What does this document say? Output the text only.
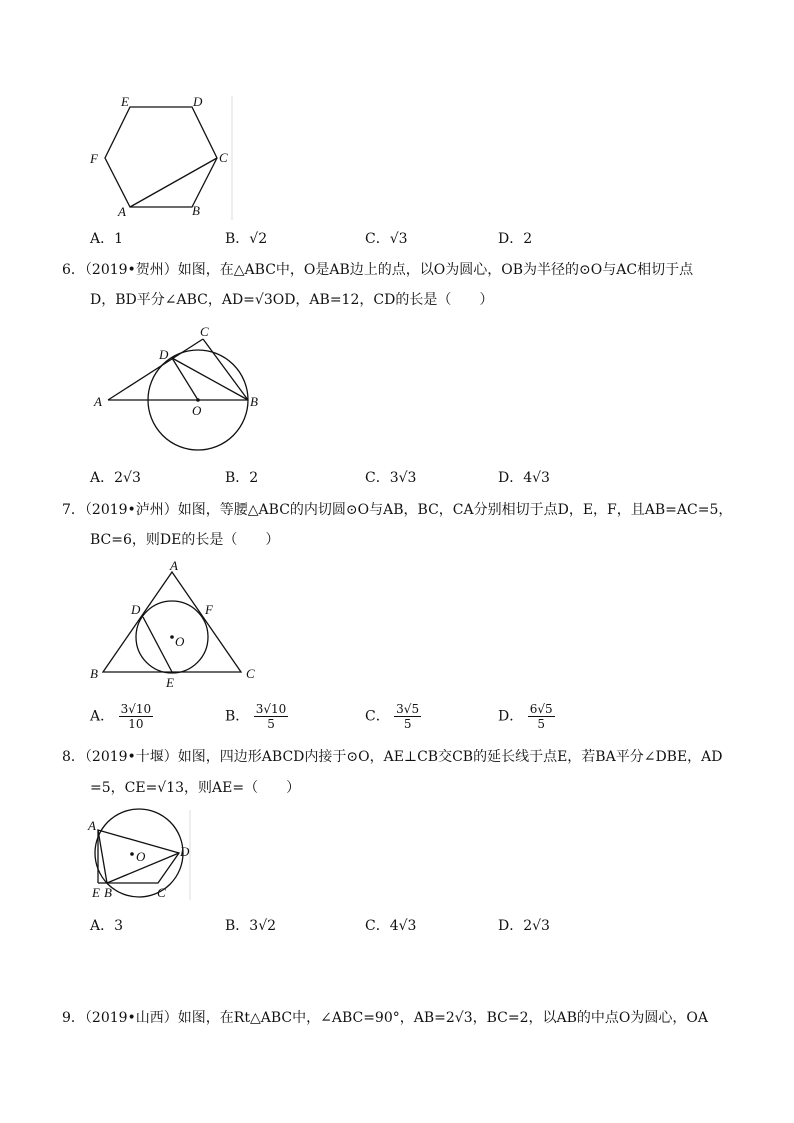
E	D
F	C
A	B
A．1	B．√2	C．√3	D．2
6．（2019•贺州）如图，在△ABC中，O是AB边上的点，以O为圆心，OB为半径的⊙O与AC相切于点
D，BD平分∠ABC，AD=√3OD，AB=12，CD的长是（　　）
C
D
A
O
B
A．2√3	B．2	C．3√3	D．4√3
7．（2019•泸州）如图，等腰△ABC的内切圆⊙O与AB，BC，CA分别相切于点D，E，F，且AB=AC=5，
BC=6，则DE的长是（　　）
A
D	F
O
B
E
C
A． $\frac{3√10}{10}$	B． $\frac{3√10}{5}$	C． $\frac{3√5}{5}$	D． $\frac{6√5}{5}$
8．（2019•十堰）如图，四边形ABCD内接于⊙O，AE⊥CB交CB的延长线于点E，若BA平分∠DBE，AD
=5，CE=√13，则AE=（　　）
A
O	D
E B	C
A．3	B．3√2	C．4√3	D．2√3
9．（2019•山西）如图，在Rt△ABC中，∠ABC=90°，AB=2√3，BC=2，以AB的中点O为圆心，OA
